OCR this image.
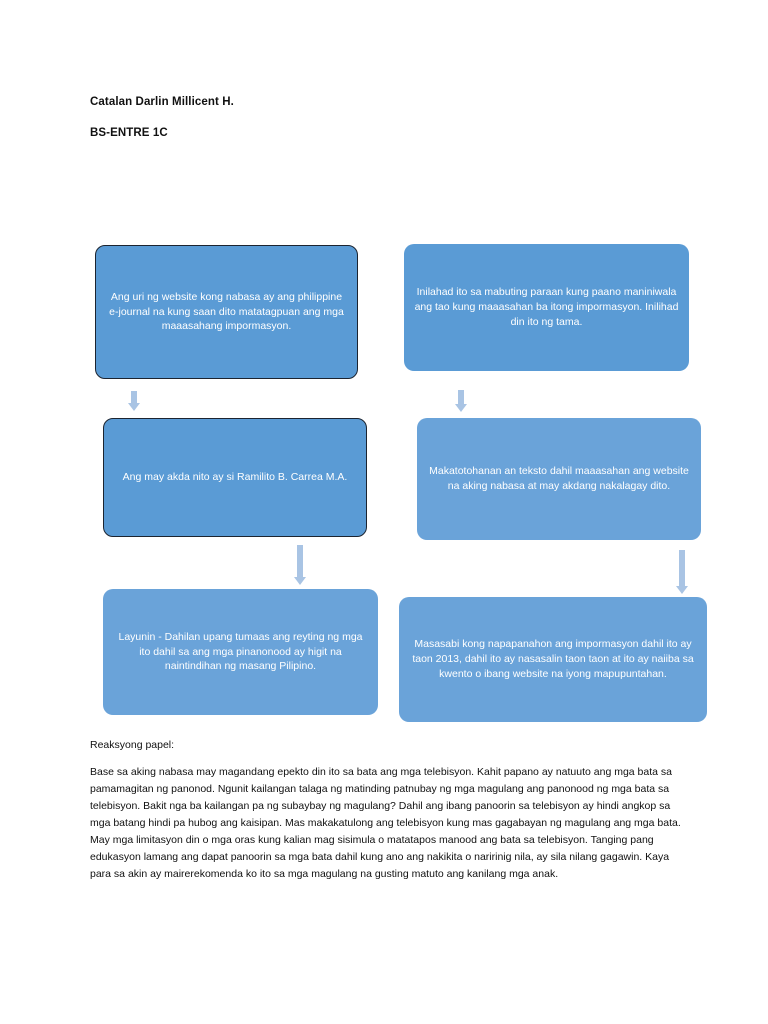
Catalan Darlin Millicent H.
BS-ENTRE 1C
Ang uri ng website kong nabasa ay ang philippine e-journal na kung saan dito matatagpuan ang mga maaasahang impormasyon.
Ang may akda nito ay si Ramilito B. Carrea M.A.
Layunin - Dahilan upang tumaas ang reyting ng mga ito dahil sa ang mga pinanonood ay higit na naintindihan ng masang Pilipino.
Inilahad ito sa mabuting paraan kung paano maniniwala ang tao kung maaasahan ba itong impormasyon. Inilihad din ito ng tama.
Makatotohanan an teksto dahil maaasahan ang website na aking nabasa at may akdang nakalagay dito.
Masasabi kong napapanahon ang impormasyon dahil ito ay taon 2013, dahil ito ay nasasalin taon taon at ito ay naiiba sa kwento o ibang website na iyong mapupuntahan.
Reaksyong papel:
Base sa aking nabasa may magandang epekto din ito sa bata ang mga telebisyon. Kahit papano ay natuuto ang mga bata sa pamamagitan ng panonod. Ngunit kailangan talaga ng matinding patnubay ng mga magulang ang panonood ng mga bata sa telebisyon. Bakit nga ba kailangan pa ng subaybay ng magulang? Dahil ang ibang panoorin sa telebisyon ay hindi angkop sa mga batang hindi pa hubog ang kaisipan. Mas makakatulong ang telebisyon kung mas gagabayan ng magulang ang mga bata. May mga limitasyon din o mga oras kung kalian mag sisimula o matatapos manood ang bata sa telebisyon. Tanging pang edukasyon lamang ang dapat panoorin sa mga bata dahil kung ano ang nakikita o naririnig nila, ay sila nilang gagawin. Kaya para sa akin ay mairerekomenda ko ito sa mga magulang na gusting matuto ang kanilang mga anak.
